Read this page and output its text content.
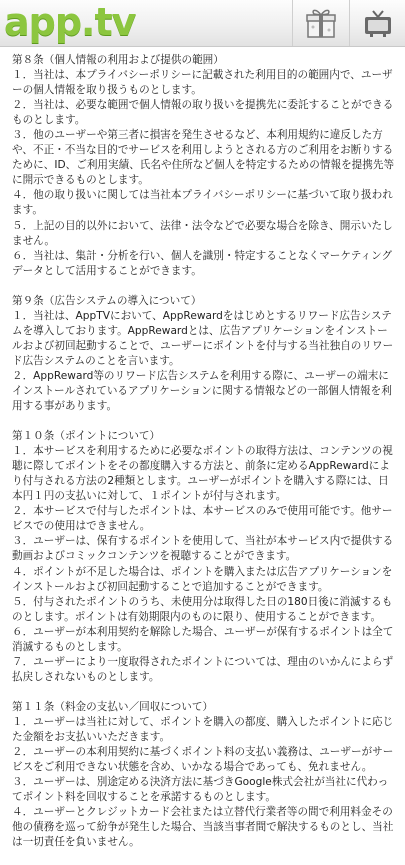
app.tv

第８条（個人情報の利用および提供の範囲）

１．当社は、本プライバシーポリシーに記載された利用目的の範囲内で、ユーザーの個人情報を取り扱うものとします。

２．当社は、必要な範囲で個人情報の取り扱いを提携先に委託することができるものとします。

３．他のユーザーや第三者に損害を発生させるなど、本利用規約に違反した方や、不正・不当な目的でサービスを利用しようとされる方のご利用をお断りするために、ID、ご利用実績、氏名や住所など個人を特定するための情報を提携先等に開示できるものとします。

４．他の取り扱いに関しては当社本プライバシーポリシーに基づいて取り扱われます。

５．上記の目的以外において、法律・法令などで必要な場合を除き、開示いたしません。

６．当社は、集計・分析を行い、個人を識別・特定することなくマーケティングデータとして活用することができます。

第９条（広告システムの導入について）

１．当社は、AppTVにおいて、AppRewardをはじめとするリワード広告システムを導入しております。AppRewardとは、広告アプリケーションをインストールおよび初回起動することで、ユーザーにポイントを付与する当社独自のリワード広告システムのことを言います。

２．AppReward等のリワード広告システムを利用する際に、ユーザーの端末にインストールされているアプリケーションに関する情報などの一部個人情報を利用する事があります。

第１０条（ポイントについて）

１．本サービスを利用するために必要なポイントの取得方法は、コンテンツの視聴に際してポイントをその都度購入する方法と、前条に定めるAppRewardにより付与される方法の2種類とします。ユーザーがポイントを購入する際には、日本円１円の支払いに対して、１ポイントが付与されます。

２．本サービスで付与したポイントは、本サービスのみで使用可能です。他サービスでの使用はできません。

３．ユーザーは、保有するポイントを使用して、当社が本サービス内で提供する動画およびコミックコンテンツを視聴することができます。

４．ポイントが不足した場合は、ポイントを購入または広告アプリケーションをインストールおよび初回起動することで追加することができます。

５．付与されたポイントのうち、未使用分は取得した日の180日後に消滅するものとします。ポイントは有効期限内のものに限り、使用することができます。

６．ユーザーが本利用契約を解除した場合、ユーザーが保有するポイントは全て消滅するものとします。

７．ユーザーにより一度取得されたポイントについては、理由のいかんによらず払戻しされないものとします。

第１１条（料金の支払い／回収について）

１．ユーザーは当社に対して、ポイントを購入の都度、購入したポイントに応じた金額をお支払いいただきます。

２．ユーザーの本利用契約に基づくポイント料の支払い義務は、ユーザーがサービスをご利用できない状態を含め、いかなる場合であっても、免れません。

３．ユーザーは、別途定める決済方法に基づきGoogle株式会社が当社に代わってポイント料を回収することを承諾するものとします。

４．ユーザーとクレジットカード会社または立替代行業者等の間で利用料金その他の債務を巡って紛争が発生した場合、当該当事者間で解決するものとし、当社は一切責任を負いません。
